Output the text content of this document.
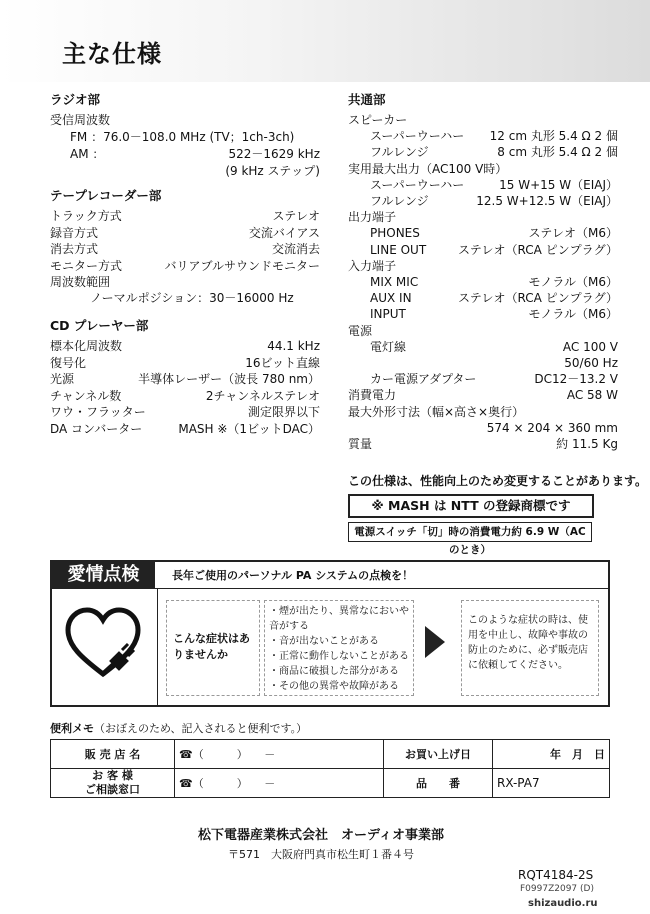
主な仕様
ラジオ部
受信周波数
FM ：76.0－108.0 MHz (TV；1ch-3ch)
AM ：	522－1629 kHz
(9 kHz ステップ)
テープレコーダー部
トラック方式	ステレオ
録音方式	交流バイアス
消去方式	交流消去
モニター方式	バリアブルサウンドモニター
周波数範囲
ノーマルポジション：30－16000 Hz
CD プレーヤー部
標本化周波数	44.1 kHz
復号化	16ビット直線
光源	半導体レーザー（波長 780 nm）
チャンネル数	2チャンネルステレオ
ワウ・フラッター	測定限界以下
DA コンバーター	MASH ※（1ビットDAC）
共通部
スピーカー
スーパーウーハー	12 cm 丸形 5.4 Ω 2 個
フルレンジ	8 cm 丸形 5.4 Ω 2 個
実用最大出力（AC100 V時）
スーパーウーハー	15 W+15 W（EIAJ）
フルレンジ	12.5 W+12.5 W（EIAJ）
出力端子
PHONES	ステレオ（M6）
LINE OUT	ステレオ（RCA ピンプラグ）
入力端子
MIX MIC	モノラル（M6）
AUX IN	ステレオ（RCA ピンプラグ）
INPUT	モノラル（M6）
電源
電灯線	AC 100 V
50/60 Hz
カー電源アダプター	DC12－13.2 V
消費電力	AC 58 W
最大外形寸法（幅×高さ×奥行）
574 × 204 × 360 mm
質量	約 11.5 Kg
この仕様は、性能向上のため変更することがあります。
※ MASH は NTT の登録商標です
電源スイッチ「切」時の消費電力約 6.9 W（AC のとき）
愛情点検	長年ご使用のパーソナル PA システムの点検を！
こんな症状はありませんか
・煙が出たり、異常なにおいや音がする
・音が出ないことがある
・正常に動作しないことがある
・商品に破損した部分がある
・その他の異常や故障がある
このような症状の時は、使用を中止し、故障や事故の防止のために、必ず販売店に依頼してください。
便利メモ（おぼえのため、記入されると便利です。）
販 売 店 名	☎（　　　）　　－	お買い上げ日	年　月　日

お 客 様
ご相談窓口	☎（　　　）　　－	品　　番	RX-PA7
松下電器産業株式会社　オーディオ事業部
〒571　大阪府門真市松生町１番４号
RQT4184-2S
F0997Z2097 (D)
shizaudio.ru
